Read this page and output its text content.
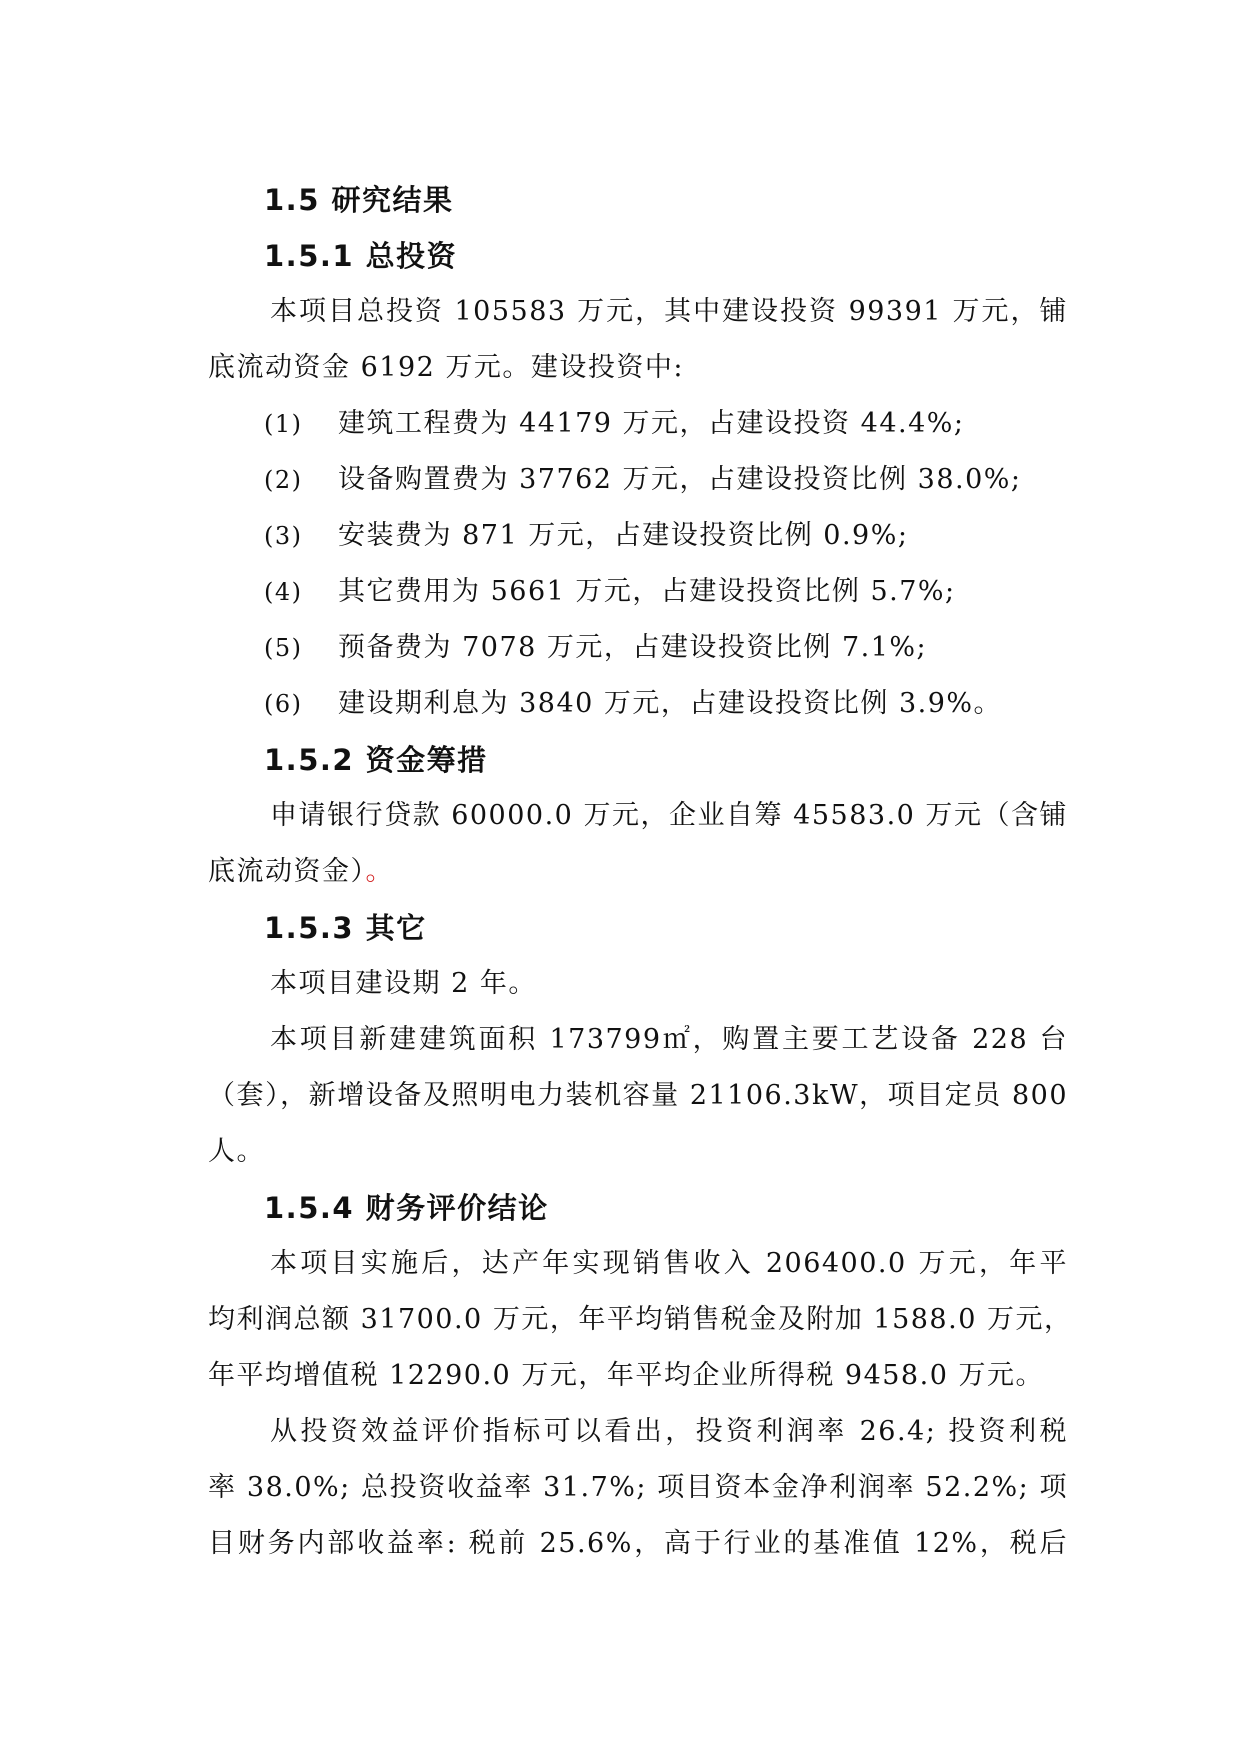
1.5 研究结果
1.5.1 总投资
本项目总投资 105583 万元，其中建设投资 99391 万元，铺
底流动资金 6192 万元。建设投资中:
(1)	建筑工程费为 44179 万元，占建设投资 44.4%;
(2)	设备购置费为 37762 万元，占建设投资比例 38.0%;
(3)	安装费为 871 万元，占建设投资比例 0.9%;
(4)	其它费用为 5661 万元，占建设投资比例 5.7%;
(5)	预备费为 7078 万元，占建设投资比例 7.1%;
(6)	建设期利息为 3840 万元，占建设投资比例 3.9%。
1.5.2 资金筹措
申请银行贷款 60000.0 万元，企业自筹 45583.0 万元（含铺
底流动资金）。
1.5.3 其它
本项目建设期 2 年。
本项目新建建筑面积 173799㎡，购置主要工艺设备 228 台
（套），新增设备及照明电力装机容量 21106.3kW，项目定员 800
人。
1.5.4 财务评价结论
本项目实施后，达产年实现销售收入 206400.0 万元，年平
均利润总额 31700.0 万元，年平均销售税金及附加 1588.0 万元，
年平均增值税 12290.0 万元，年平均企业所得税 9458.0 万元。
从投资效益评价指标可以看出，投资利润率 26.4; 投资利税
率 38.0%; 总投资收益率 31.7%; 项目资本金净利润率 52.2%; 项
目财务内部收益率: 税前 25.6%，高于行业的基准值 12%，税后
